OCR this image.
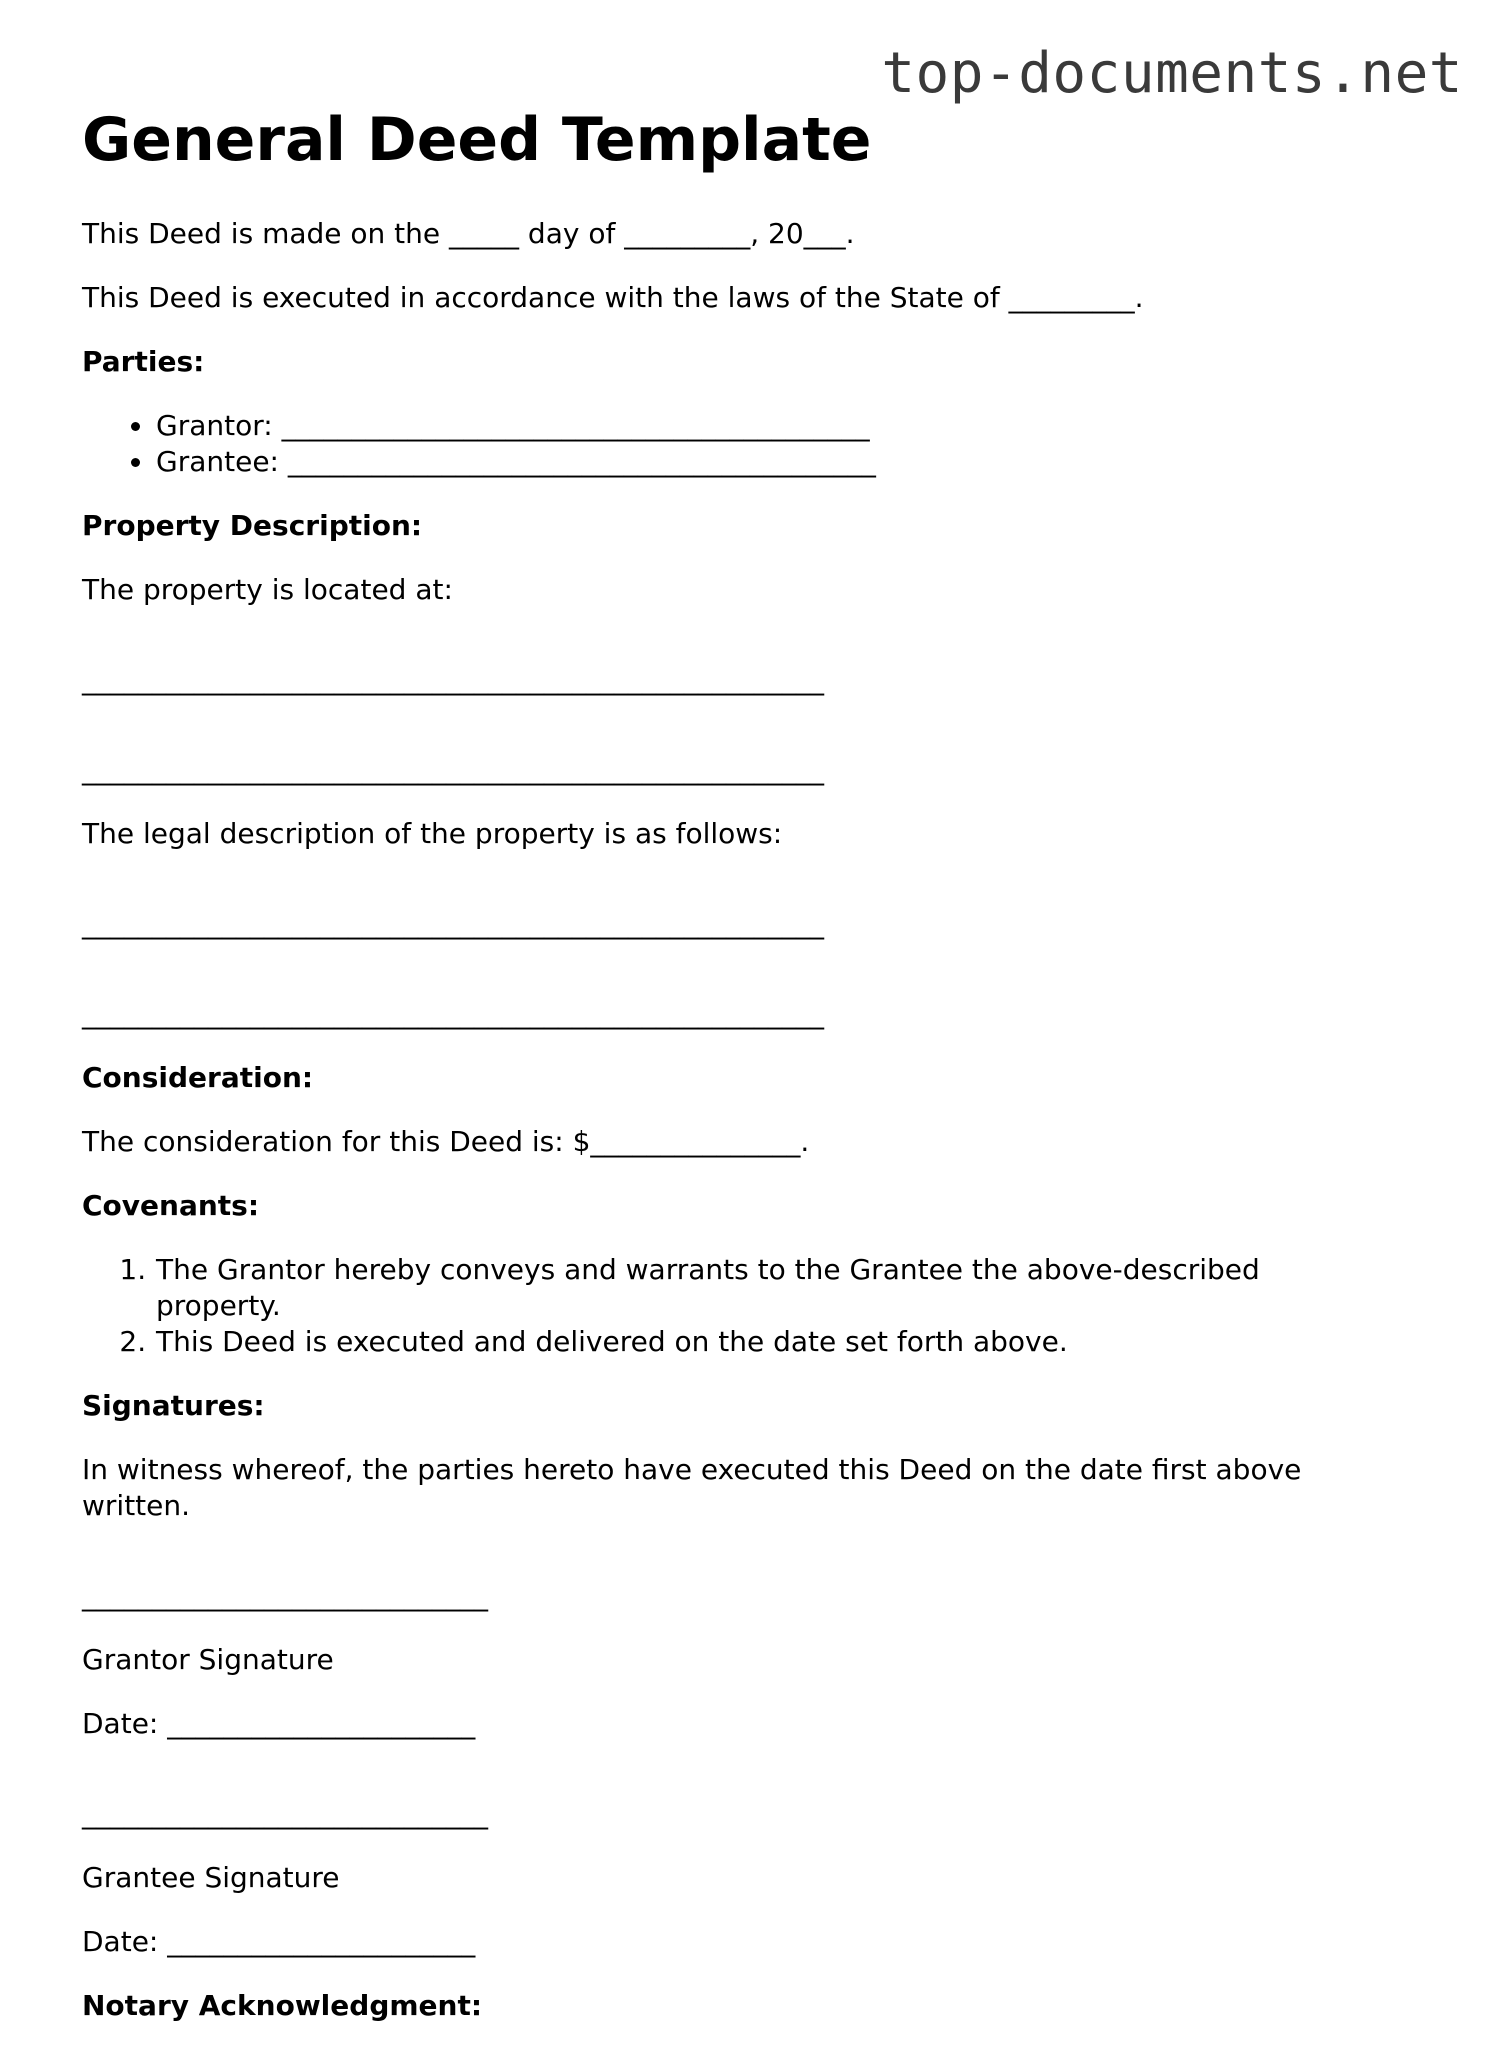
top-documents.net
General Deed Template

This Deed is made on the _____ day of _________, 20___.

This Deed is executed in accordance with the laws of the State of _________.

Parties:

• Grantor: __________________________________________
• Grantee: __________________________________________

Property Description:

The property is located at:

_____________________________________________________

_____________________________________________________

The legal description of the property is as follows:

_____________________________________________________

_____________________________________________________

Consideration:

The consideration for this Deed is: $_______________.

Covenants:

1. The Grantor hereby conveys and warrants to the Grantee the above-described property.
2. This Deed is executed and delivered on the date set forth above.

Signatures:

In witness whereof, the parties hereto have executed this Deed on the date first above written.

_____________________________

Grantor Signature

Date: ______________________

_____________________________

Grantee Signature

Date: ______________________

Notary Acknowledgment:
